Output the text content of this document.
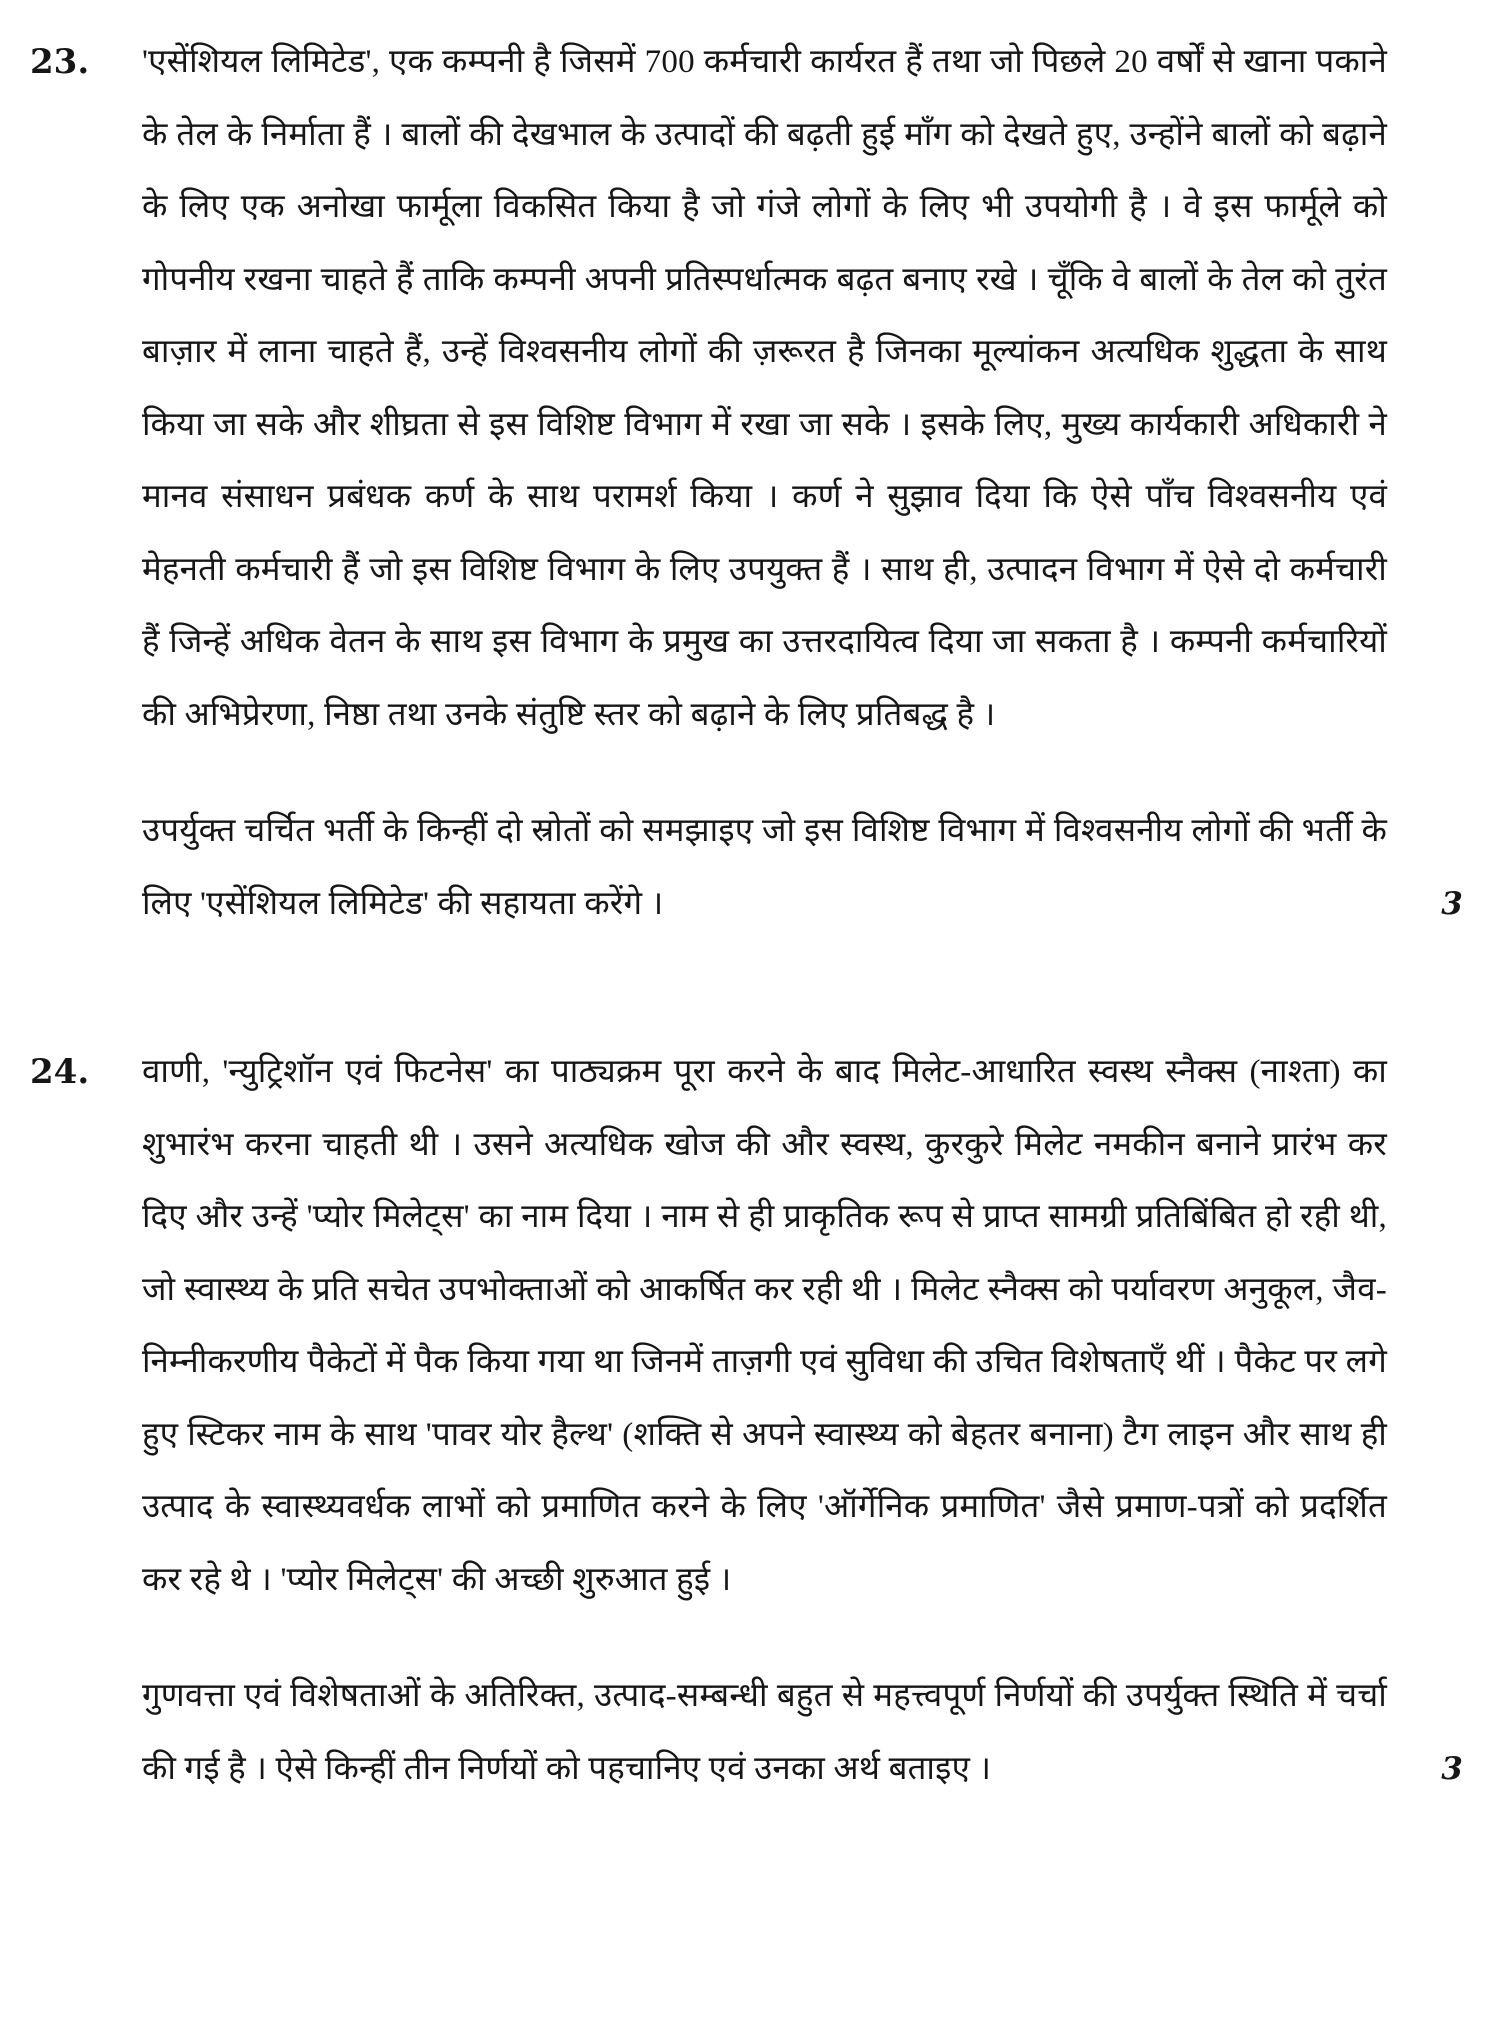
23.	'एसेंशियल लिमिटेड', एक कम्पनी है जिसमें 700 कर्मचारी कार्यरत हैं तथा जो पिछले 20 वर्षों से खाना पकाने के तेल के निर्माता हैं । बालों की देखभाल के उत्पादों की बढ़ती हुई माँग को देखते हुए, उन्होंने बालों को बढ़ाने के लिए एक अनोखा फार्मूला विकसित किया है जो गंजे लोगों के लिए भी उपयोगी है । वे इस फार्मूले को गोपनीय रखना चाहते हैं ताकि कम्पनी अपनी प्रतिस्पर्धात्मक बढ़त बनाए रखे । चूँकि वे बालों के तेल को तुरंत बाज़ार में लाना चाहते हैं, उन्हें विश्वसनीय लोगों की ज़रूरत है जिनका मूल्यांकन अत्यधिक शुद्धता के साथ किया जा सके और शीघ्रता से इस विशिष्ट विभाग में रखा जा सके । इसके लिए, मुख्य कार्यकारी अधिकारी ने मानव संसाधन प्रबंधक कर्ण के साथ परामर्श किया । कर्ण ने सुझाव दिया कि ऐसे पाँच विश्वसनीय एवं मेहनती कर्मचारी हैं जो इस विशिष्ट विभाग के लिए उपयुक्त हैं । साथ ही, उत्पादन विभाग में ऐसे दो कर्मचारी हैं जिन्हें अधिक वेतन के साथ इस विभाग के प्रमुख का उत्तरदायित्व दिया जा सकता है । कम्पनी कर्मचारियों की अभिप्रेरणा, निष्ठा तथा उनके संतुष्टि स्तर को बढ़ाने के लिए प्रतिबद्ध है ।

उपर्युक्त चर्चित भर्ती के किन्हीं दो स्रोतों को समझाइए जो इस विशिष्ट विभाग में विश्वसनीय लोगों की भर्ती के लिए 'एसेंशियल लिमिटेड' की सहायता करेंगे ।	3

24.	वाणी, 'न्युट्रिशॉन एवं फिटनेस' का पाठ्यक्रम पूरा करने के बाद मिलेट-आधारित स्वस्थ स्नैक्स (नाश्ता) का शुभारंभ करना चाहती थी । उसने अत्यधिक खोज की और स्वस्थ, कुरकुरे मिलेट नमकीन बनाने प्रारंभ कर दिए और उन्हें 'प्योर मिलेट्स' का नाम दिया । नाम से ही प्राकृतिक रूप से प्राप्त सामग्री प्रतिबिंबित हो रही थी, जो स्वास्थ्य के प्रति सचेत उपभोक्ताओं को आकर्षित कर रही थी । मिलेट स्नैक्स को पर्यावरण अनुकूल, जैव-निम्नीकरणीय पैकेटों में पैक किया गया था जिनमें ताज़गी एवं सुविधा की उचित विशेषताएँ थीं । पैकेट पर लगे हुए स्टिकर नाम के साथ 'पावर योर हैल्थ' (शक्ति से अपने स्वास्थ्य को बेहतर बनाना) टैग लाइन और साथ ही उत्पाद के स्वास्थ्यवर्धक लाभों को प्रमाणित करने के लिए 'ऑर्गेनिक प्रमाणित' जैसे प्रमाण-पत्रों को प्रदर्शित कर रहे थे । 'प्योर मिलेट्स' की अच्छी शुरुआत हुई ।

गुणवत्ता एवं विशेषताओं के अतिरिक्त, उत्पाद-सम्बन्धी बहुत से महत्त्वपूर्ण निर्णयों की उपर्युक्त स्थिति में चर्चा की गई है । ऐसे किन्हीं तीन निर्णयों को पहचानिए एवं उनका अर्थ बताइए ।	3
